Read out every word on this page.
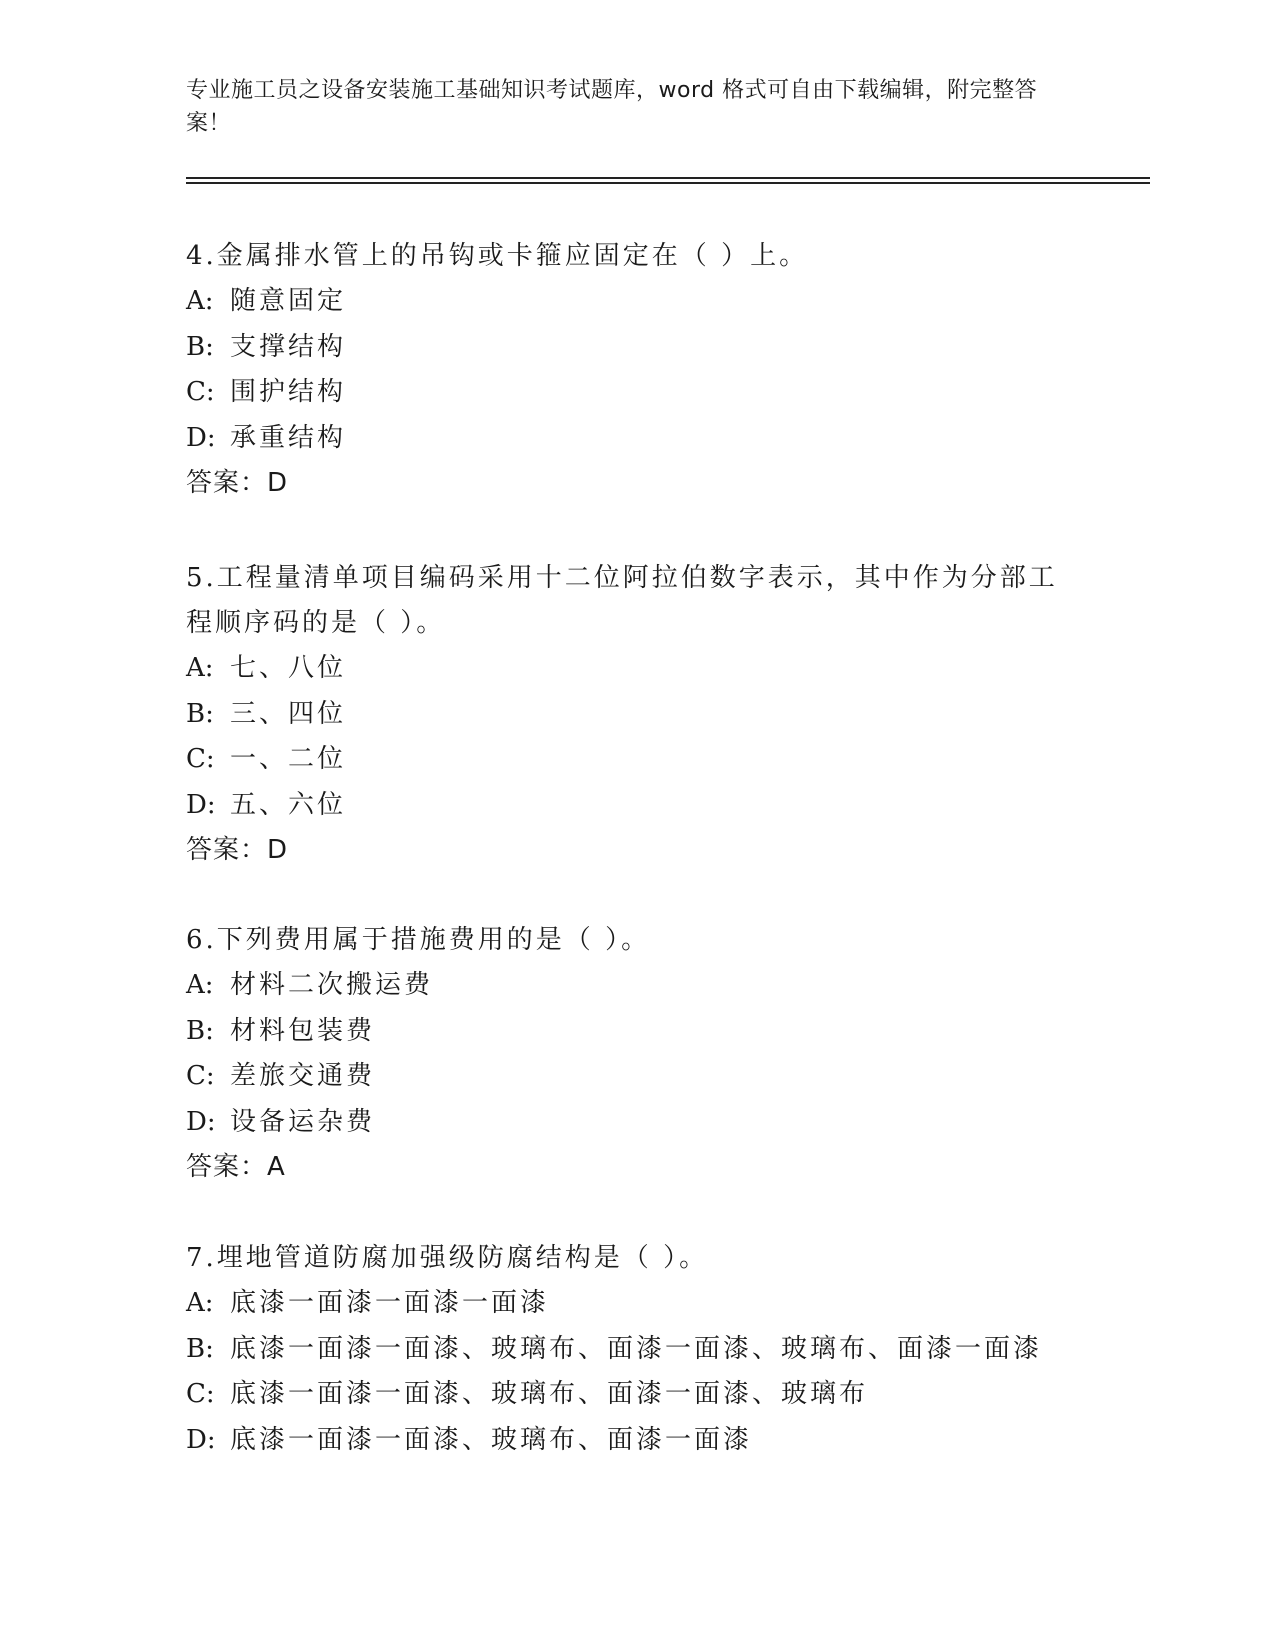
专业施工员之设备安装施工基础知识考试题库，word 格式可自由下载编辑，附完整答案！
4.金属排水管上的吊钩或卡箍应固定在（ ）上。
A: 随意固定
B: 支撑结构
C: 围护结构
D: 承重结构
答案：D
5.工程量清单项目编码采用十二位阿拉伯数字表示，其中作为分部工程顺序码的是（ ）。
A: 七、八位
B: 三、四位
C: 一、二位
D: 五、六位
答案：D
6.下列费用属于措施费用的是（ ）。
A: 材料二次搬运费
B: 材料包装费
C: 差旅交通费
D: 设备运杂费
答案：A
7.埋地管道防腐加强级防腐结构是（ ）。
A: 底漆一面漆一面漆一面漆
B: 底漆一面漆一面漆、玻璃布、面漆一面漆、玻璃布、面漆一面漆
C: 底漆一面漆一面漆、玻璃布、面漆一面漆、玻璃布
D: 底漆一面漆一面漆、玻璃布、面漆一面漆
